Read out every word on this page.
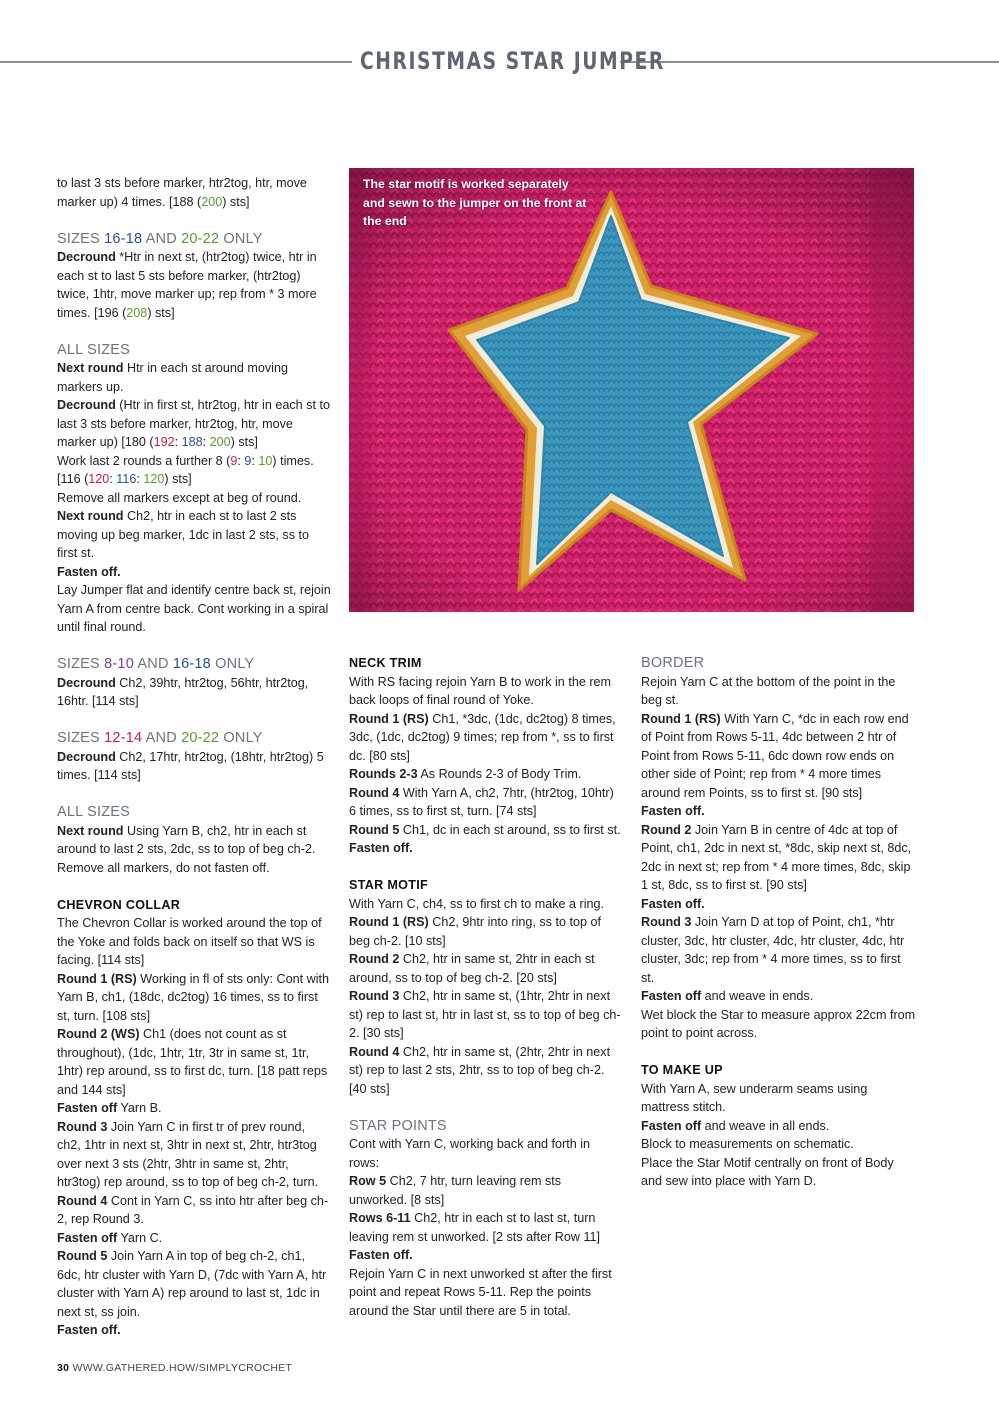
CHRISTMAS STAR JUMPER

to last 3 sts before marker, htr2tog, htr, move marker up) 4 times. [188 (200) sts]

SIZES 16-18 AND 20-22 ONLY

Decround *Htr in next st, (htr2tog) twice, htr in each st to last 5 sts before marker, (htr2tog) twice, 1htr, move marker up; rep from * 3 more times. [196 (208) sts]

ALL SIZES

Next round Htr in each st around moving markers up.

Decround (Htr in first st, htr2tog, htr in each st to last 3 sts before marker, htr2tog, htr, move marker up) [180 (192: 188: 200) sts]

Work last 2 rounds a further 8 (9: 9: 10) times.
[116 (120: 116: 120) sts]

Remove all markers except at beg of round.

Next round Ch2, htr in each st to last 2 sts moving up beg marker, 1dc in last 2 sts, ss to first st.

Fasten off.

Lay Jumper flat and identify centre back st, rejoin Yarn A from centre back. Cont working in a spiral until final round.

SIZES 8-10 AND 16-18 ONLY

Decround Ch2, 39htr, htr2tog, 56htr, htr2tog, 16htr. [114 sts]

SIZES 12-14 AND 20-22 ONLY

Decround Ch2, 17htr, htr2tog, (18htr, htr2tog) 5 times. [114 sts]

ALL SIZES

Next round Using Yarn B, ch2, htr in each st around to last 2 sts, 2dc, ss to top of beg ch-2. Remove all markers, do not fasten off.

CHEVRON COLLAR

The Chevron Collar is worked around the top of the Yoke and folds back on itself so that WS is facing. [114 sts]

Round 1 (RS) Working in fl of sts only: Cont with Yarn B, ch1, (18dc, dc2tog) 16 times, ss to first st, turn. [108 sts]

Round 2 (WS) Ch1 (does not count as st throughout), (1dc, 1htr, 1tr, 3tr in same st, 1tr, 1htr) rep around, ss to first dc, turn. [18 patt reps and 144 sts]

Fasten off Yarn B.

Round 3 Join Yarn C in first tr of prev round, ch2, 1htr in next st, 3htr in next st, 2htr, htr3tog over next 3 sts (2htr, 3htr in same st, 2htr, htr3tog) rep around, ss to top of beg ch-2, turn.

Round 4 Cont in Yarn C, ss into htr after beg ch-2, rep Round 3.

Fasten off Yarn C.

Round 5 Join Yarn A in top of beg ch-2, ch1, 6dc, htr cluster with Yarn D, (7dc with Yarn A, htr cluster with Yarn A) rep around to last st, 1dc in next st, ss join.

Fasten off.

The star motif is worked separately and sewn to the jumper on the front at the end

NECK TRIM

With RS facing rejoin Yarn B to work in the rem back loops of final round of Yoke.

Round 1 (RS) Ch1, *3dc, (1dc, dc2tog) 8 times, 3dc, (1dc, dc2tog) 9 times; rep from *, ss to first dc. [80 sts]

Rounds 2-3 As Rounds 2-3 of Body Trim.

Round 4 With Yarn A, ch2, 7htr, (htr2tog, 10htr) 6 times, ss to first st, turn. [74 sts]

Round 5 Ch1, dc in each st around, ss to first st.

Fasten off.

STAR MOTIF

With Yarn C, ch4, ss to first ch to make a ring.

Round 1 (RS) Ch2, 9htr into ring, ss to top of beg ch-2. [10 sts]

Round 2 Ch2, htr in same st, 2htr in each st around, ss to top of beg ch-2. [20 sts]

Round 3 Ch2, htr in same st, (1htr, 2htr in next st) rep to last st, htr in last st, ss to top of beg ch-2. [30 sts]

Round 4 Ch2, htr in same st, (2htr, 2htr in next st) rep to last 2 sts, 2htr, ss to top of beg ch-2. [40 sts]

STAR POINTS

Cont with Yarn C, working back and forth in rows:

Row 5 Ch2, 7 htr, turn leaving rem sts unworked. [8 sts]

Rows 6-11 Ch2, htr in each st to last st, turn leaving rem st unworked. [2 sts after Row 11]

Fasten off.

Rejoin Yarn C in next unworked st after the first point and repeat Rows 5-11. Rep the points around the Star until there are 5 in total.

BORDER

Rejoin Yarn C at the bottom of the point in the beg st.

Round 1 (RS) With Yarn C, *dc in each row end of Point from Rows 5-11, 4dc between 2 htr of Point from Rows 5-11, 6dc down row ends on other side of Point; rep from * 4 more times around rem Points, ss to first st. [90 sts]

Fasten off.

Round 2 Join Yarn B in centre of 4dc at top of Point, ch1, 2dc in next st, *8dc, skip next st, 8dc, 2dc in next st; rep from * 4 more times, 8dc, skip 1 st, 8dc, ss to first st. [90 sts]

Fasten off.

Round 3 Join Yarn D at top of Point, ch1, *htr cluster, 3dc, htr cluster, 4dc, htr cluster, 4dc, htr cluster, 3dc; rep from * 4 more times, ss to first st.

Fasten off and weave in ends.

Wet block the Star to measure approx 22cm from point to point across.

TO MAKE UP

With Yarn A, sew underarm seams using mattress stitch.

Fasten off and weave in all ends.

Block to measurements on schematic.

Place the Star Motif centrally on front of Body and sew into place with Yarn D.

30 WWW.GATHERED.HOW/SIMPLYCROCHET
